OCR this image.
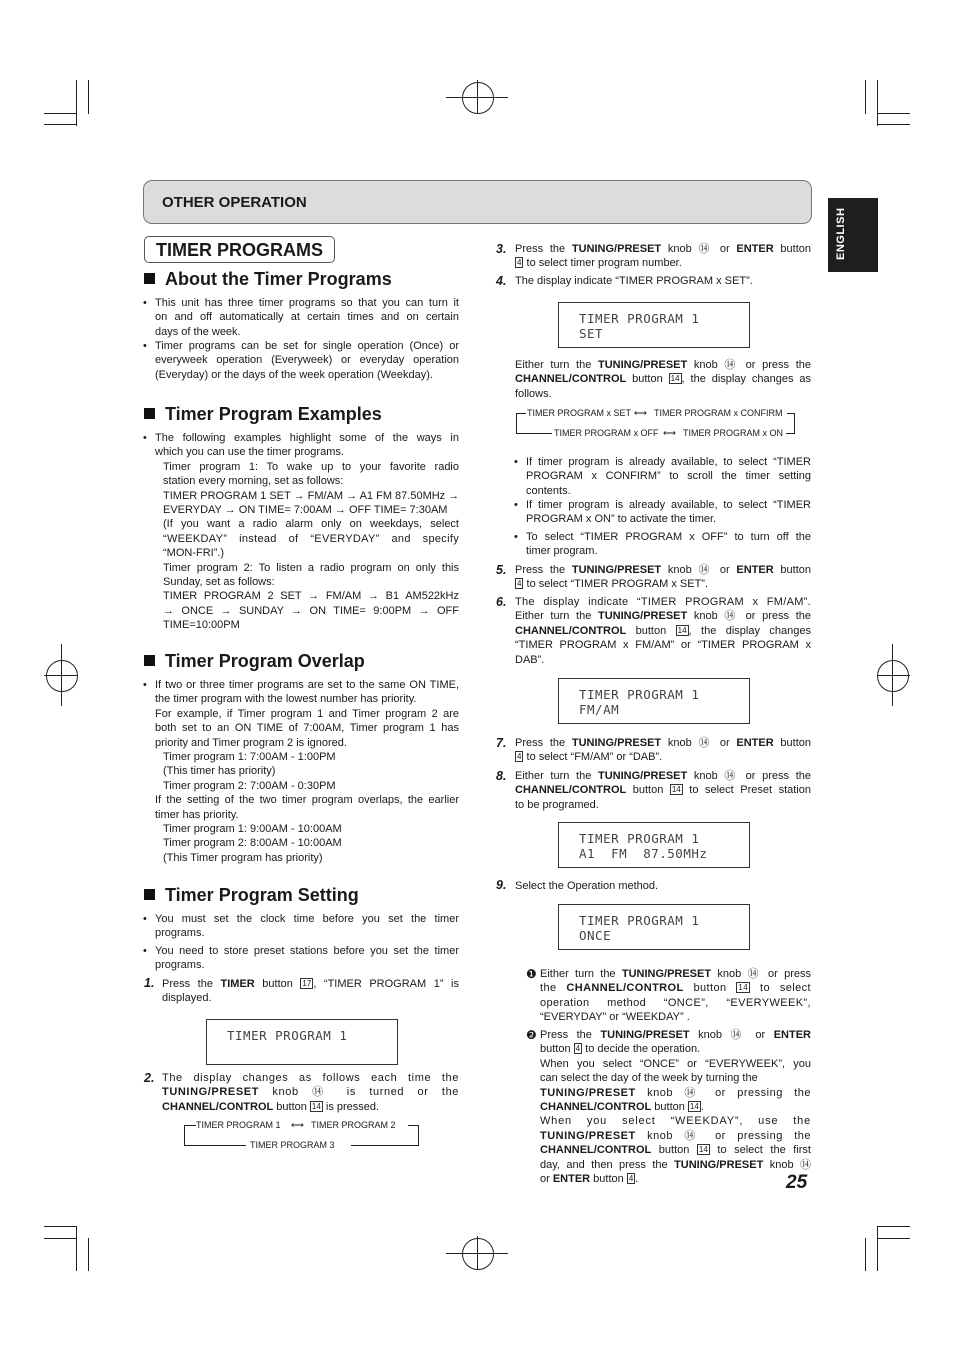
OTHER OPERATION
ENGLISH
TIMER PROGRAMS
About the Timer Programs
• This unit has three timer programs so that you can turn it
on and off automatically at certain times and on certain
days of the week.
• Timer programs can be set for single operation (Once) or
everyweek operation (Everyweek) or everyday operation
(Everyday) or the days of the week operation (Weekday).
Timer Program Examples
• The following examples highlight some of the ways in
which you can use the timer programs.
Timer program 1: To wake up to your favorite radio
station every morning, set as follows:
TIMER PROGRAM 1 SET → FM/AM → A1 FM 87.50MHz →
EVERYDAY → ON TIME= 7:00AM → OFF TIME= 7:30AM
(If you want a radio alarm only on weekdays, select
“WEEKDAY” instead of “EVERYDAY” and specify
“MON-FRI”.)
Timer program 2: To listen a radio program on only this
Sunday, set as follows:
TIMER PROGRAM 2 SET → FM/AM → B1 AM522kHz
→ ONCE → SUNDAY → ON TIME= 9:00PM → OFF
TIME=10:00PM
Timer Program Overlap
• If two or three timer programs are set to the same ON TIME,
the timer program with the lowest number has priority.
For example, if Timer program 1 and Timer program 2 are
both set to an ON TIME of 7:00AM, Timer program 1 has
priority and Timer program 2 is ignored.
Timer program 1: 7:00AM - 1:00PM
(This timer has priority)
Timer program 2: 7:00AM - 0:30PM
If the setting of the two timer program overlaps, the earlier
timer has priority.
Timer program 1: 9:00AM - 10:00AM
Timer program 2: 8:00AM - 10:00AM
(This Timer program has priority)
Timer Program Setting
• You must set the clock time before you set the timer
programs.
• You need to store preset stations before you set the timer
programs.
1. Press the TIMER button 17 , “TIMER PROGRAM 1” is
displayed.
TIMER PROGRAM 1
2. The display changes as follows each time the
TUNING/PRESET knob ⑭ is turned or the
CHANNEL/CONTROL button 14 is pressed.
TIMER PROGRAM 1 ⟷ TIMER PROGRAM 2
TIMER PROGRAM 3
3. Press the TUNING/PRESET knob ⑭ or ENTER button
4 to select timer program number.
4. The display indicate “TIMER PROGRAM x SET”.
TIMER PROGRAM 1
SET
Either turn the TUNING/PRESET knob ⑭ or press the
CHANNEL/CONTROL button 14 , the display changes as
follows.
TIMER PROGRAM x SET ⟷ TIMER PROGRAM x CONFIRM
TIMER PROGRAM x OFF ⟷ TIMER PROGRAM x ON
• If timer program is already available, to select “TIMER
PROGRAM x CONFIRM” to scroll the timer setting
contents.
• If timer program is already available, to select “TIMER
PROGRAM x ON” to activate the timer.
• To select “TIMER PROGRAM x OFF” to turn off the
timer program.
5. Press the TUNING/PRESET knob ⑭ or ENTER button
4 to select “TIMER PROGRAM x SET”.
6. The display indicate “TIMER PROGRAM x FM/AM”.
Either turn the TUNING/PRESET knob ⑭ or press the
CHANNEL/CONTROL button 14 , the display changes
“TIMER PROGRAM x FM/AM” or “TIMER PROGRAM x
DAB”.
TIMER PROGRAM 1
FM/AM
7. Press the TUNING/PRESET knob ⑭ or ENTER button
4 to select “FM/AM” or “DAB”.
8. Either turn the TUNING/PRESET knob ⑭ or press the
CHANNEL/CONTROL button 14 to select Preset station
to be programed.
TIMER PROGRAM 1
A1  FM  87.50MHz
9. Select the Operation method.
TIMER PROGRAM 1
ONCE
❶ Either turn the TUNING/PRESET knob ⑭ or press
the CHANNEL/CONTROL button 14 to select
operation method “ONCE”, “EVERYWEEK”,
“EVERYDAY” or “WEEKDAY” .
❷ Press the TUNING/PRESET knob ⑭ or ENTER
button 4 to decide the operation.
When you select “ONCE” or “EVERYWEEK”, you
can select the day of the week by turning the
TUNING/PRESET knob ⑭ or pressing the
CHANNEL/CONTROL button 14 .
When you select “WEEKDAY”, use the
TUNING/PRESET knob ⑭ or pressing the
CHANNEL/CONTROL button 14 to select the first
day, and then press the TUNING/PRESET knob ⑭
or ENTER button 4 .	25
